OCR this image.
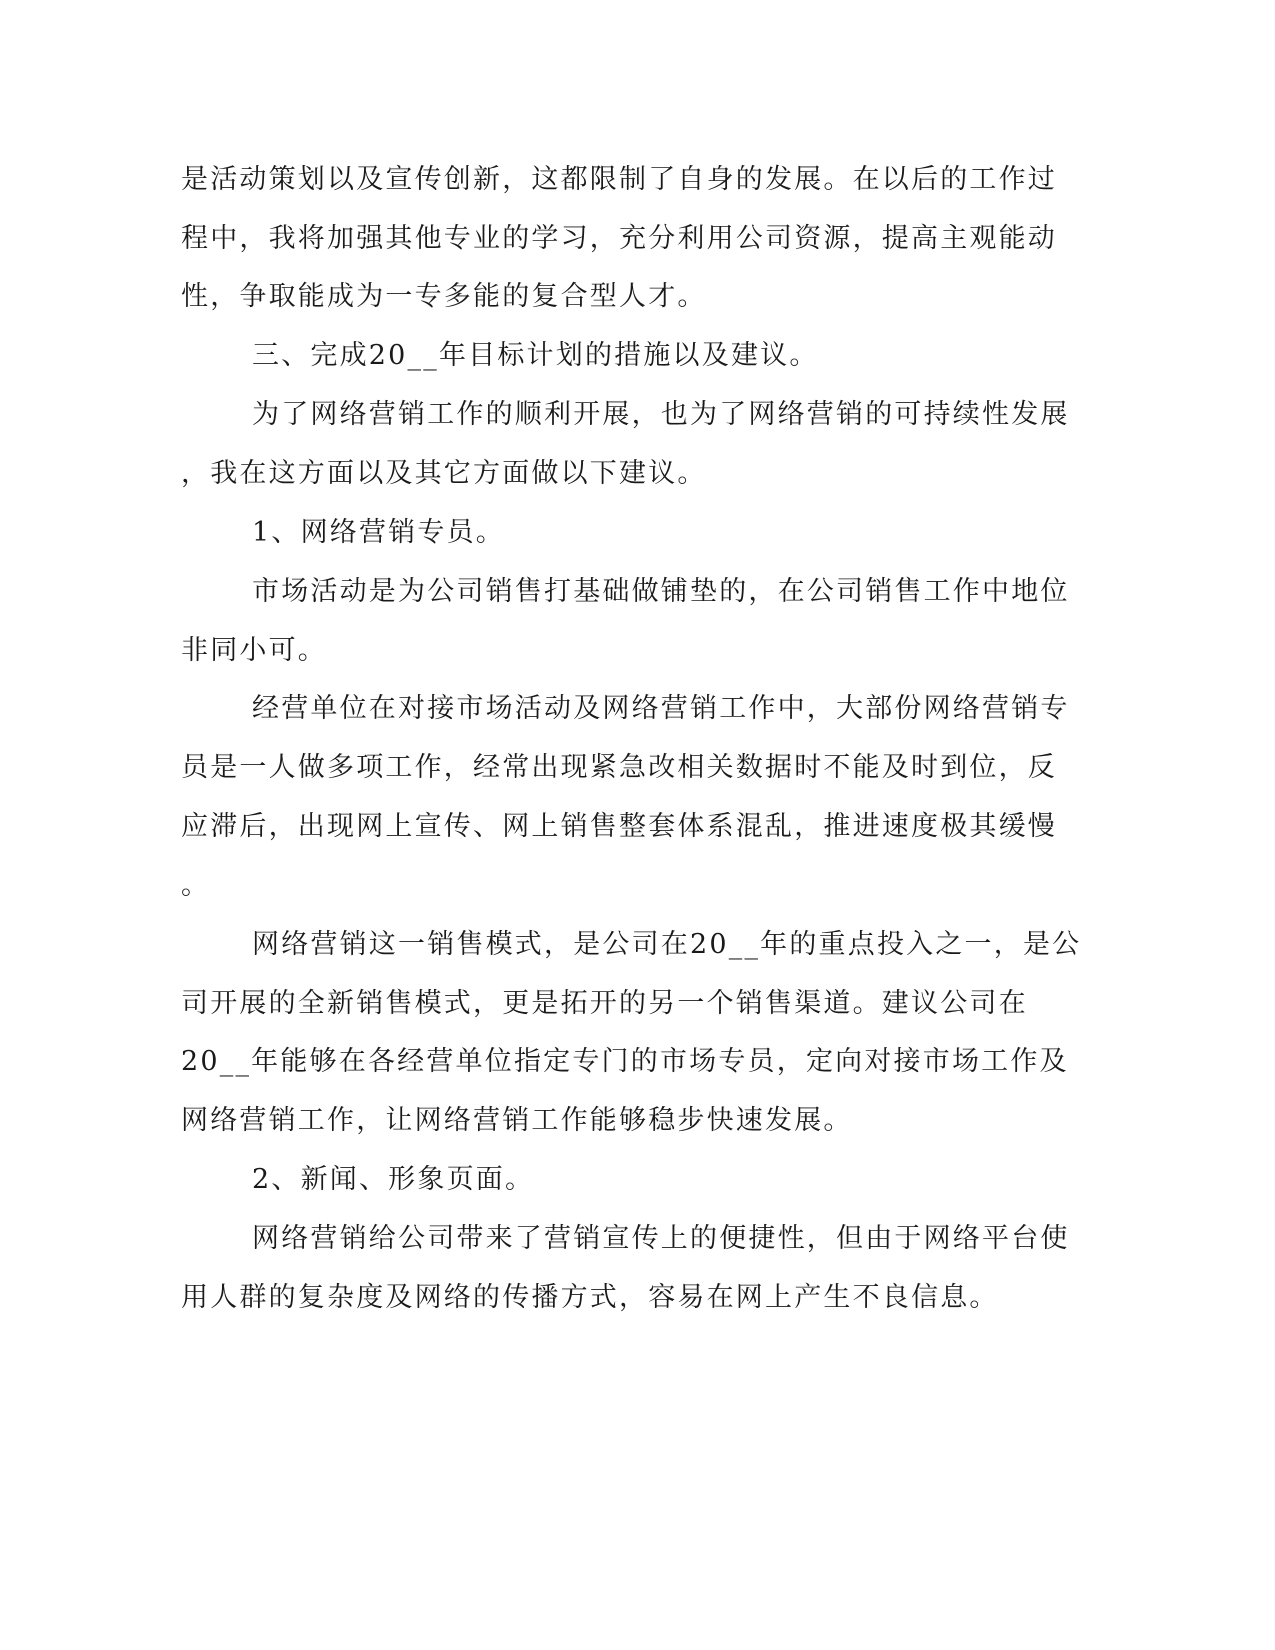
是活动策划以及宣传创新，这都限制了自身的发展。在以后的工作过
程中，我将加强其他专业的学习，充分利用公司资源，提高主观能动
性，争取能成为一专多能的复合型人才。
三、完成20__年目标计划的措施以及建议。
为了网络营销工作的顺利开展，也为了网络营销的可持续性发展
，我在这方面以及其它方面做以下建议。
1、网络营销专员。
市场活动是为公司销售打基础做铺垫的，在公司销售工作中地位
非同小可。
经营单位在对接市场活动及网络营销工作中，大部份网络营销专
员是一人做多项工作，经常出现紧急改相关数据时不能及时到位，反
应滞后，出现网上宣传、网上销售整套体系混乱，推进速度极其缓慢
。
网络营销这一销售模式，是公司在20__年的重点投入之一，是公
司开展的全新销售模式，更是拓开的另一个销售渠道。建议公司在
20__年能够在各经营单位指定专门的市场专员，定向对接市场工作及
网络营销工作，让网络营销工作能够稳步快速发展。
2、新闻、形象页面。
网络营销给公司带来了营销宣传上的便捷性，但由于网络平台使
用人群的复杂度及网络的传播方式，容易在网上产生不良信息。
